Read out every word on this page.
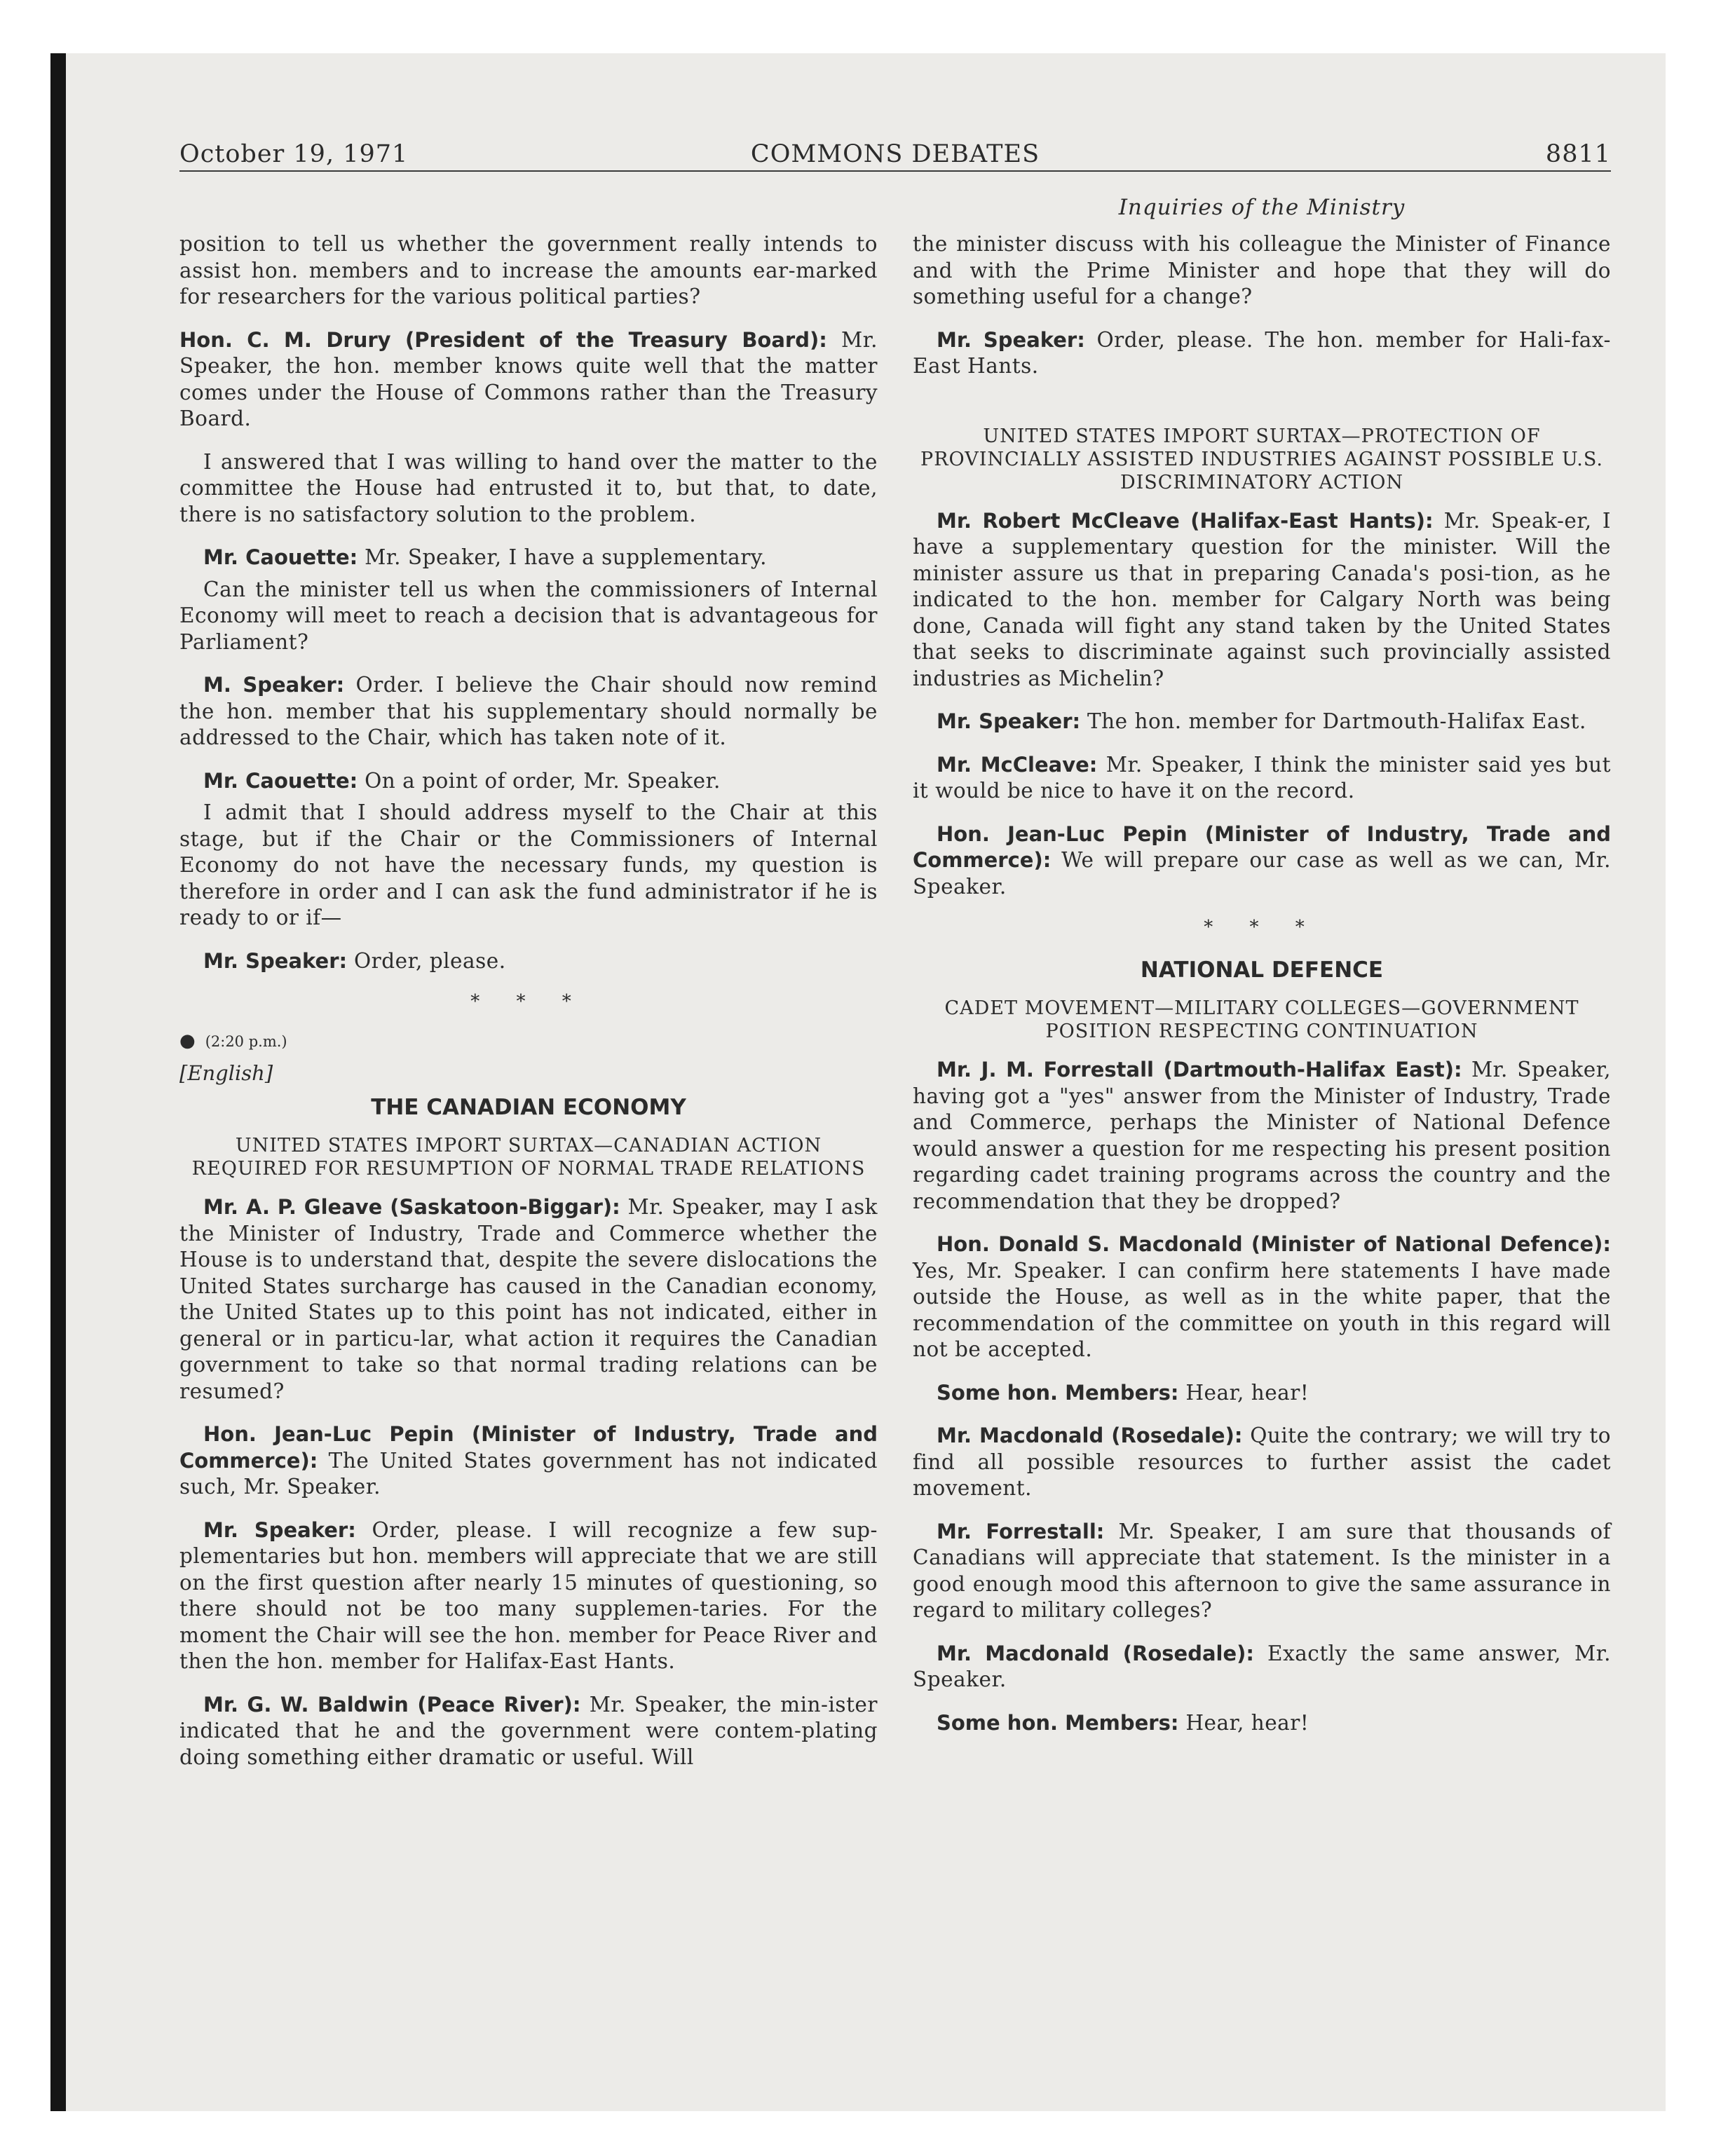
October 19, 1971	COMMONS DEBATES	8811
Inquiries of the Ministry

position to tell us whether the government really intends to assist hon. members and to increase the amounts ear-marked for researchers for the various political parties?

Hon. C. M. Drury (President of the Treasury Board): Mr. Speaker, the hon. member knows quite well that the matter comes under the House of Commons rather than the Treasury Board.

I answered that I was willing to hand over the matter to the committee the House had entrusted it to, but that, to date, there is no satisfactory solution to the problem.

Mr. Caouette: Mr. Speaker, I have a supplementary.

Can the minister tell us when the commissioners of Internal Economy will meet to reach a decision that is advantageous for Parliament?

M. Speaker: Order. I believe the Chair should now remind the hon. member that his supplementary should normally be addressed to the Chair, which has taken note of it.

Mr. Caouette: On a point of order, Mr. Speaker.

I admit that I should address myself to the Chair at this stage, but if the Chair or the Commissioners of Internal Economy do not have the necessary funds, my question is therefore in order and I can ask the fund administrator if he is ready to or if—

Mr. Speaker: Order, please.

* * *
● (2:20 p.m.)
[English]
THE CANADIAN ECONOMY
UNITED STATES IMPORT SURTAX—CANADIAN ACTION REQUIRED FOR RESUMPTION OF NORMAL TRADE RELATIONS

Mr. A. P. Gleave (Saskatoon-Biggar): Mr. Speaker, may I ask the Minister of Industry, Trade and Commerce whether the House is to understand that, despite the severe dislocations the United States surcharge has caused in the Canadian economy, the United States up to this point has not indicated, either in general or in particu-lar, what action it requires the Canadian government to take so that normal trading relations can be resumed?

Hon. Jean-Luc Pepin (Minister of Industry, Trade and Commerce): The United States government has not indicated such, Mr. Speaker.

Mr. Speaker: Order, please. I will recognize a few sup-plementaries but hon. members will appreciate that we are still on the first question after nearly 15 minutes of questioning, so there should not be too many supplemen-taries. For the moment the Chair will see the hon. member for Peace River and then the hon. member for Halifax-East Hants.

Mr. G. W. Baldwin (Peace River): Mr. Speaker, the min-ister indicated that he and the government were contem-plating doing something either dramatic or useful. Will

the minister discuss with his colleague the Minister of Finance and with the Prime Minister and hope that they will do something useful for a change?

Mr. Speaker: Order, please. The hon. member for Hali-fax-East Hants.

UNITED STATES IMPORT SURTAX—PROTECTION OF PROVINCIALLY ASSISTED INDUSTRIES AGAINST POSSIBLE U.S. DISCRIMINATORY ACTION

Mr. Robert McCleave (Halifax-East Hants): Mr. Speak-er, I have a supplementary question for the minister. Will the minister assure us that in preparing Canada's posi-tion, as he indicated to the hon. member for Calgary North was being done, Canada will fight any stand taken by the United States that seeks to discriminate against such provincially assisted industries as Michelin?

Mr. Speaker: The hon. member for Dartmouth-Halifax East.

Mr. McCleave: Mr. Speaker, I think the minister said yes but it would be nice to have it on the record.

Hon. Jean-Luc Pepin (Minister of Industry, Trade and Commerce): We will prepare our case as well as we can, Mr. Speaker.

* * *
NATIONAL DEFENCE
CADET MOVEMENT—MILITARY COLLEGES—GOVERNMENT POSITION RESPECTING CONTINUATION

Mr. J. M. Forrestall (Dartmouth-Halifax East): Mr. Speaker, having got a "yes" answer from the Minister of Industry, Trade and Commerce, perhaps the Minister of National Defence would answer a question for me respecting his present position regarding cadet training programs across the country and the recommendation that they be dropped?

Hon. Donald S. Macdonald (Minister of National Defence): Yes, Mr. Speaker. I can confirm here statements I have made outside the House, as well as in the white paper, that the recommendation of the committee on youth in this regard will not be accepted.

Some hon. Members: Hear, hear!

Mr. Macdonald (Rosedale): Quite the contrary; we will try to find all possible resources to further assist the cadet movement.

Mr. Forrestall: Mr. Speaker, I am sure that thousands of Canadians will appreciate that statement. Is the minister in a good enough mood this afternoon to give the same assurance in regard to military colleges?

Mr. Macdonald (Rosedale): Exactly the same answer, Mr. Speaker.

Some hon. Members: Hear, hear!
